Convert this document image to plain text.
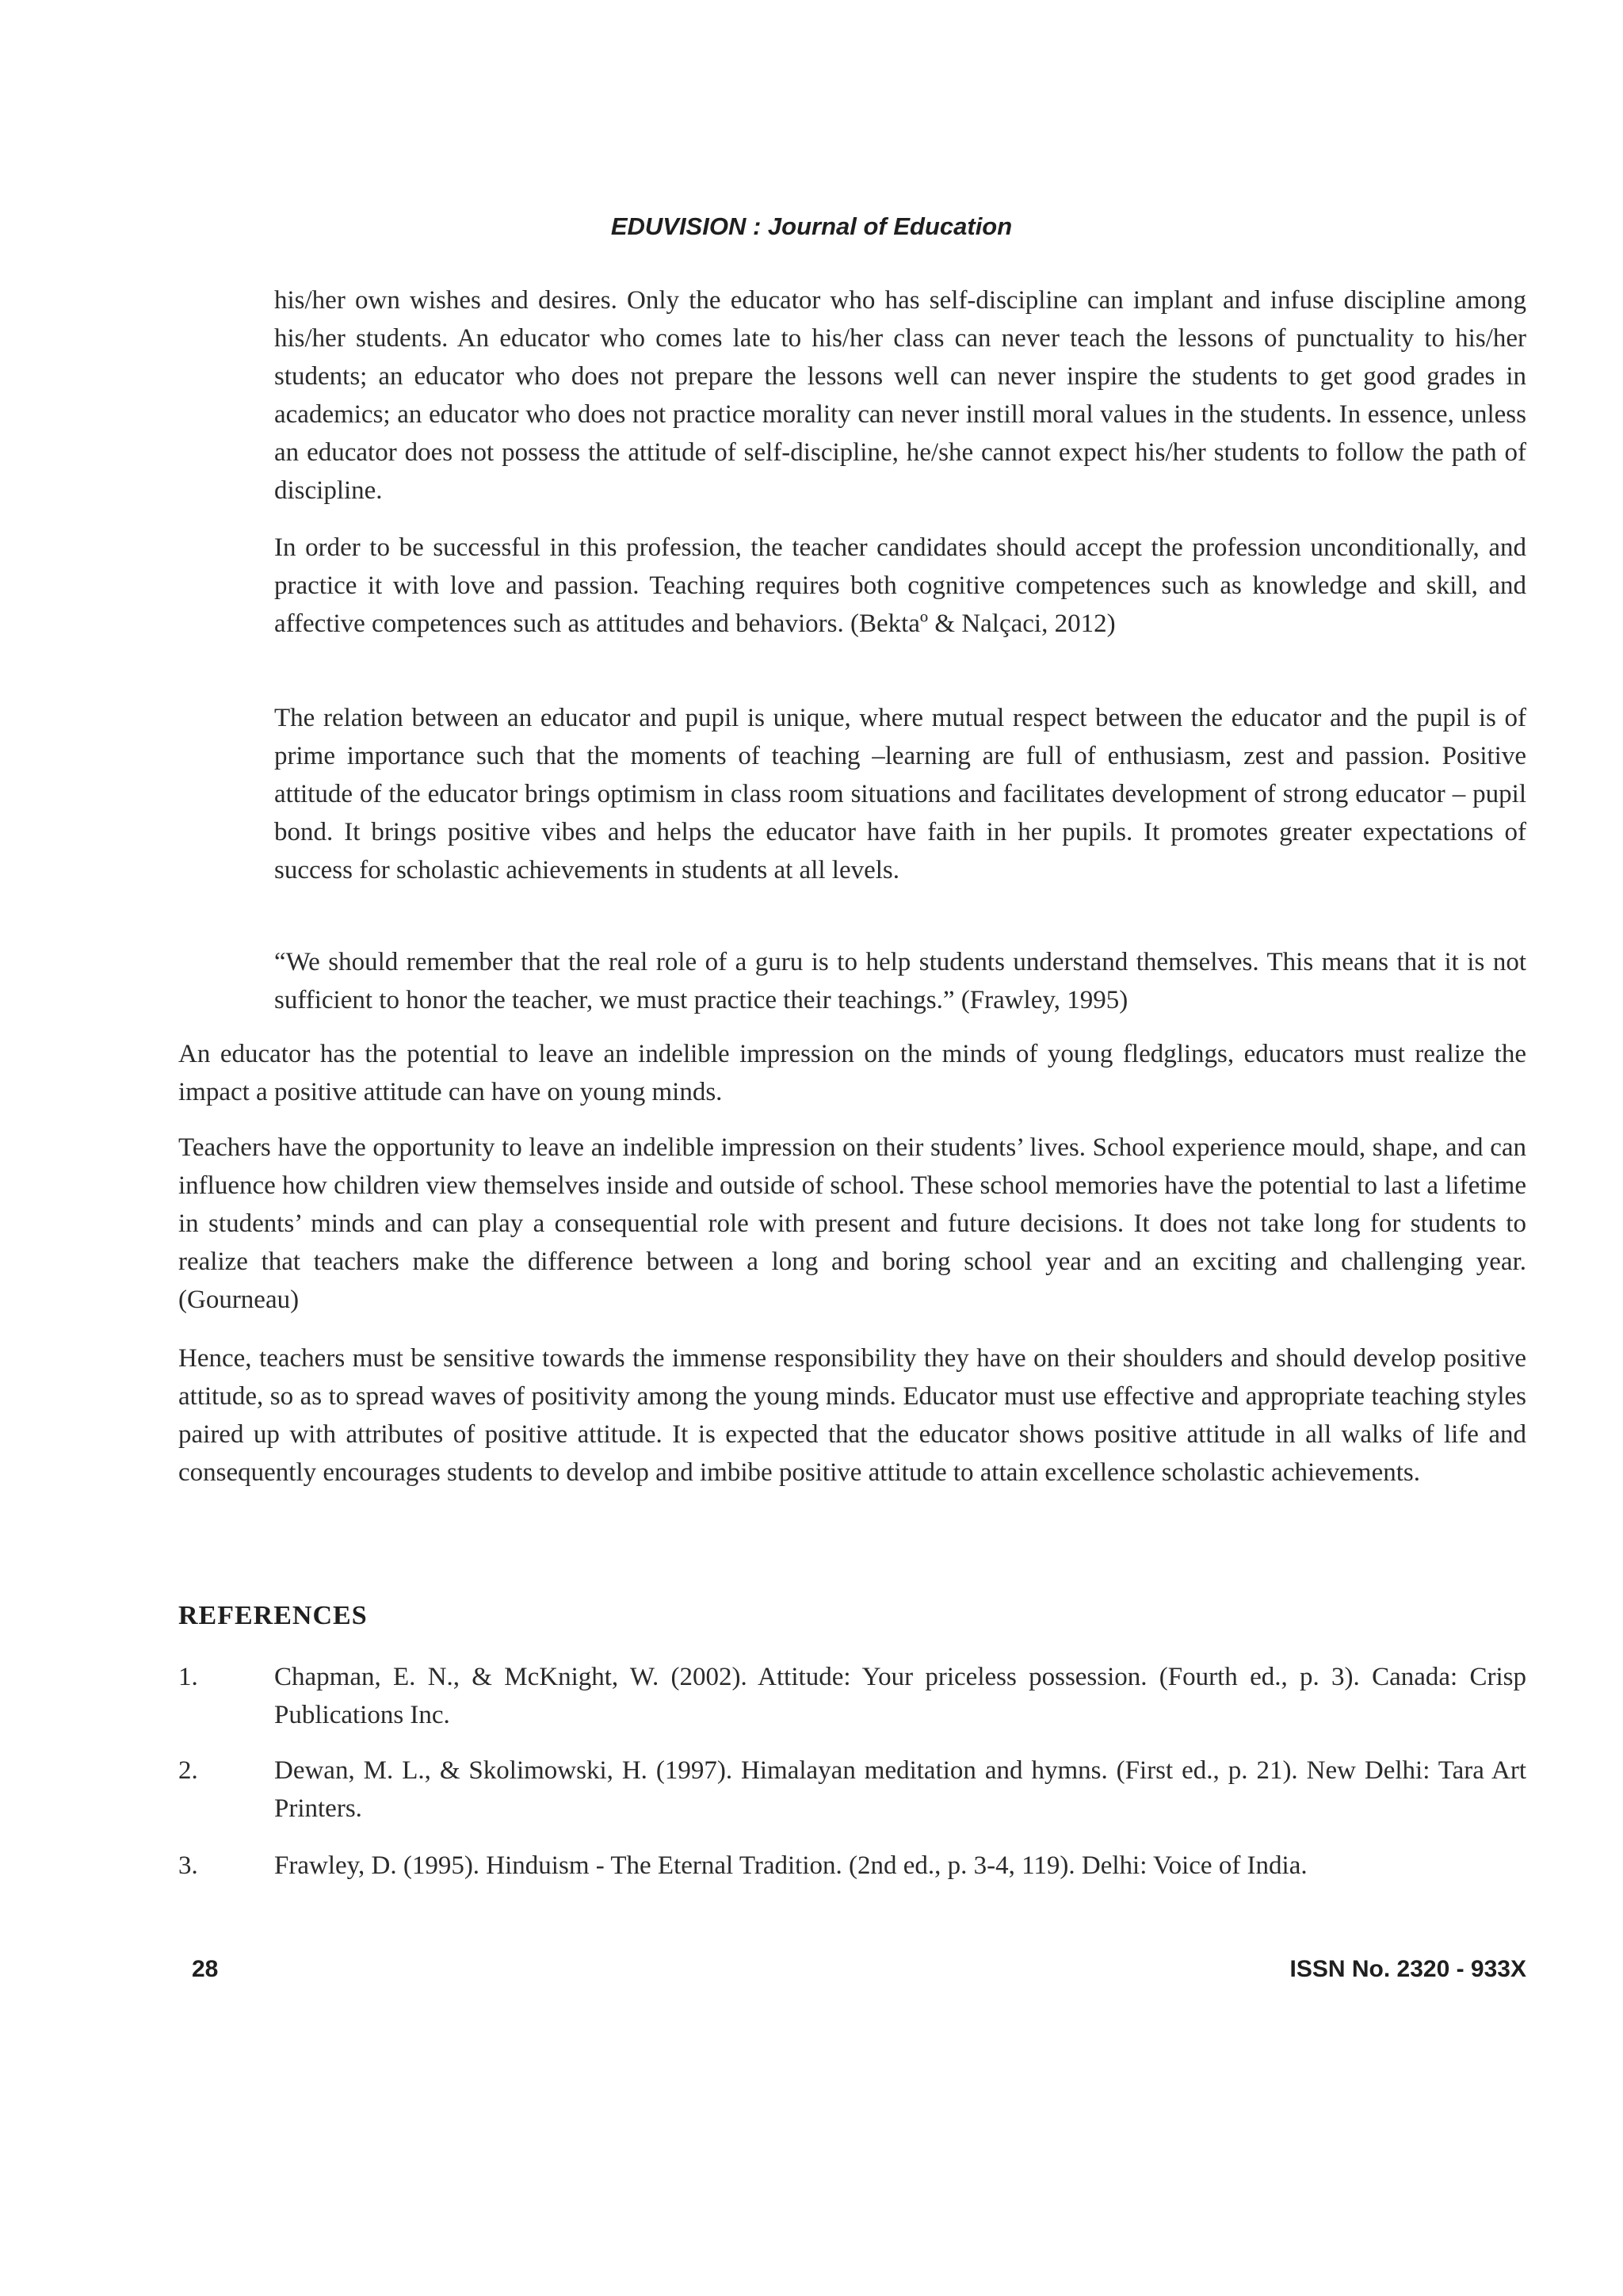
EDUVISION : Journal of Education

his/her own wishes and desires. Only the educator who has self-discipline can implant and infuse discipline among his/her students. An educator who comes late to his/her class can never teach the lessons of punctuality to his/her students; an educator who does not prepare the lessons well can never inspire the students to get good grades in academics; an educator who does not practice morality can never instill moral values in the students. In essence, unless an educator does not possess the attitude of self-discipline, he/she cannot expect his/her students to follow the path of discipline.

In order to be successful in this profession, the teacher candidates should accept the profession unconditionally, and practice it with love and passion. Teaching requires both cognitive competences such as knowledge and skill, and affective competences such as attitudes and behaviors. (Bektaº & Nalçaci, 2012)

The relation between an educator and pupil is unique, where mutual respect between the educator and the pupil is of prime importance such that the moments of teaching –learning are full of enthusiasm, zest and passion. Positive attitude of the educator brings optimism in class room situations and facilitates development of strong educator – pupil bond. It brings positive vibes and helps the educator have faith in her pupils. It promotes greater expectations of success for scholastic achievements in students at all levels.

“We should remember that the real role of a guru is to help students understand themselves. This means that it is not sufficient to honor the teacher, we must practice their teachings.” (Frawley, 1995)

An educator has the potential to leave an indelible impression on the minds of young fledglings, educators must realize the impact a positive attitude can have on young minds.

Teachers have the opportunity to leave an indelible impression on their students’ lives. School experience mould, shape, and can influence how children view themselves inside and outside of school. These school memories have the potential to last a lifetime in students’ minds and can play a consequential role with present and future decisions. It does not take long for students to realize that teachers make the difference between a long and boring school year and an exciting and challenging year. (Gourneau)

Hence, teachers must be sensitive towards the immense responsibility they have on their shoulders and should develop positive attitude, so as to spread waves of positivity among the young minds. Educator must use effective and appropriate teaching styles paired up with attributes of positive attitude. It is expected that the educator shows positive attitude in all walks of life and consequently encourages students to develop and imbibe positive attitude to attain excellence scholastic achievements.

REFERENCES
1.	Chapman, E. N., & McKnight, W. (2002). Attitude: Your priceless possession. (Fourth ed., p. 3). Canada: Crisp Publications Inc.
2.	Dewan, M. L., & Skolimowski, H. (1997). Himalayan meditation and hymns. (First ed., p. 21). New Delhi: Tara Art Printers.
3.	Frawley, D. (1995). Hinduism - The Eternal Tradition. (2nd ed., p. 3-4, 119). Delhi: Voice of India.
28	ISSN No. 2320 - 933X
